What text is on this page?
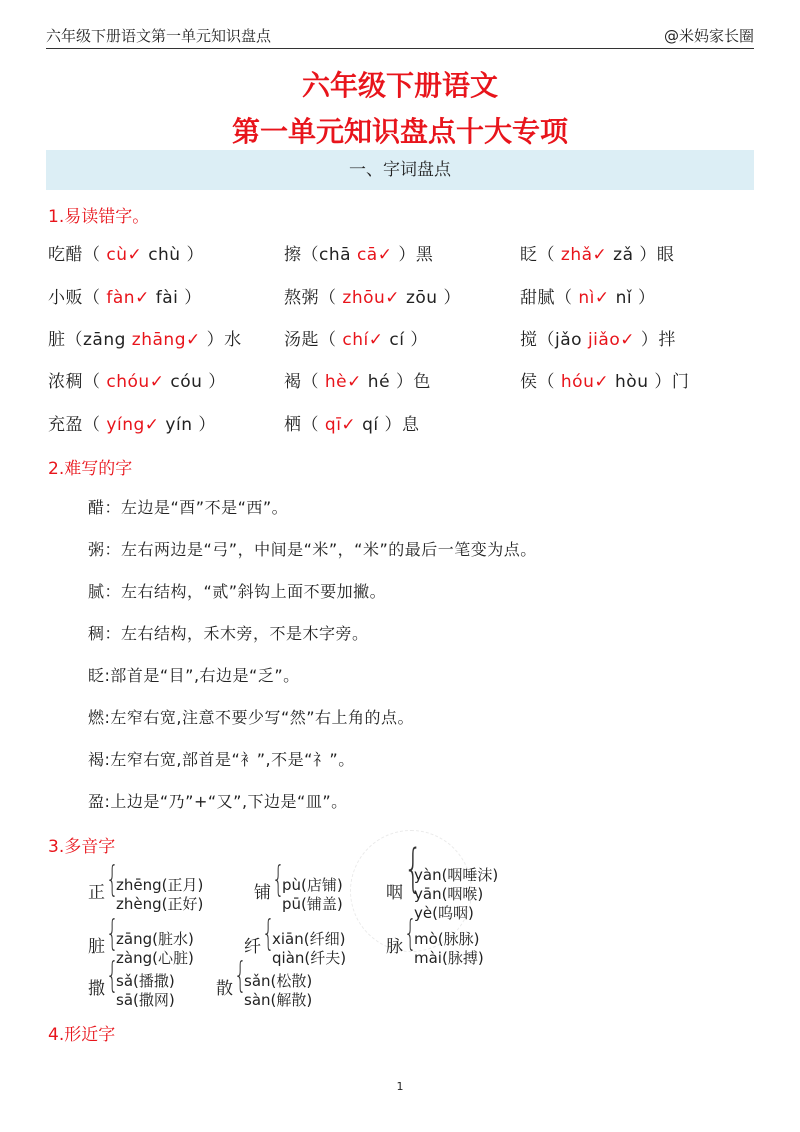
六年级下册语文第一单元知识盘点	@米妈家长圈
六年级下册语文
第一单元知识盘点十大专项
一、字词盘点
1.易读错字。
吃醋（ cù✓ chù ）	擦（chā cā✓ ）黑	眨（ zhǎ✓ zǎ ）眼
小贩（ fàn✓ fài ）	熬粥（ zhōu✓ zōu ）	甜腻（ nì✓ nǐ ）
脏（zāng zhāng✓ ）水 汤匙（ chí✓ cí ）	搅（jǎo jiǎo✓ ）拌
浓稠（ chóu✓ cóu ）	褐（ hè✓ hé ）色	侯（ hóu✓ hòu ）门
充盈（ yíng✓ yín ）	栖（ qī✓ qí ）息
2.难写的字
醋：左边是“酉”不是“西”。
粥：左右两边是“弓”，中间是“米”，“米”的最后一笔变为点。
腻：左右结构，“贰”斜钩上面不要加撇。
稠：左右结构，禾木旁，不是木字旁。
眨:部首是“目”,右边是“乏”。
燃:左窄右宽,注意不要少写“然”右上角的点。
褐:左窄右宽,部首是“衤”,不是“礻”。
盈:上边是“乃”+“又”,下边是“皿”。
3.多音字
正 {
zhēng(正月)
zhèng(正好)
铺 {
pù(店铺)
pū(铺盖)
咽 {
yàn(咽唾沫)
yān(咽喉)
yè(呜咽)
脏 {
zāng(脏水)
zàng(心脏)
纤 {
xiān(纤细)
qiàn(纤夫)
脉 {
mò(脉脉)
mài(脉搏)
撒 {
sǎ(播撒)
sā(撒网)
散 {
sǎn(松散)
sàn(解散)
4.形近字
1
